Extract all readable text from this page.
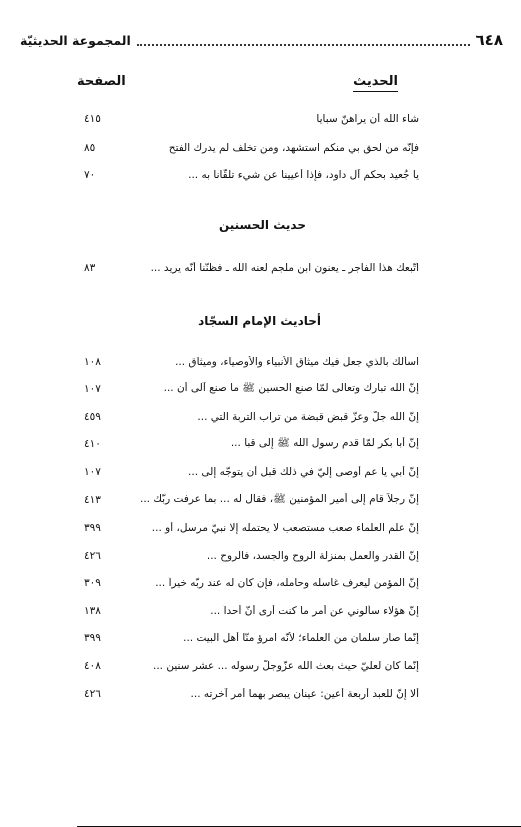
٦٤٨
المجموعة الحديثيّة
الحديث
الصفحة
شاء الله أن يراهنّ سبايا
٤١٥
فإنّه من لحق بي منكم استشهد، ومن تخلّف لم يدرك الفتح
٨٥
يا جُعيد بحكم آل داود، فإذا أعيينا عن شيء تلقّانا به ...
٧٠
حديث الحسنين
اتّبعك هذا الفاجر ـ يعنون ابن ملجم لعنه الله ـ فظنّنا أنّه يريد ...
٨٣
أحاديث الإمام السجّاد
اسألك بالذي جعل فيك ميثاق الأنبياء والأوصياء، وميثاق ...
١٠٨
إنّ الله تبارك وتعالى لمّا صنع الحسين ﷺ ما صنع آلى أن ...
١٠٧
إنّ الله جلّ وعزّ قبض قبضة من تراب التربة التي ...
٤٥٩
إنّ أبا بكر لمّا قدم رسول الله ﷺ إلى قبا ...
٤١٠
إنّ أبي يا عم أوصى إليّ في ذلك قبل أن يتوجّه إلى ...
١٠٧
إنّ رجلاً قام إلى أمير المؤمنين ﷺ، فقال له ... بما عرفت ربّك ...
٤١٣
إنّ علم العلماء صعب مستصعب لا يحتمله إلّا نبيّ مرسل، أو ...
٣٩٩
إنّ القدر والعمل بمنزلة الروح والجسد، فالروح ...
٤٢٦
إنّ المؤمن ليعرف غاسله وحامله، فإن كان له عند ربّه خيراً ...
٣٠٩
إنّ هؤلاء سألوني عن أمر ما كنت أرى أنّ أحداً ...
١٣٨
إنّما صار سلمان من العلماء؛ لأنّه امرؤ منّا أهل البيت ...
٣٩٩
إنّما كان لعليّ حيث بعث الله عزّوجلّ رسوله ... عشر سنين ...
٤٠٨
ألا إنّ للعبد أربعة أعين: عينان يبصر بهما أمر آخرته ...
٤٢٦
